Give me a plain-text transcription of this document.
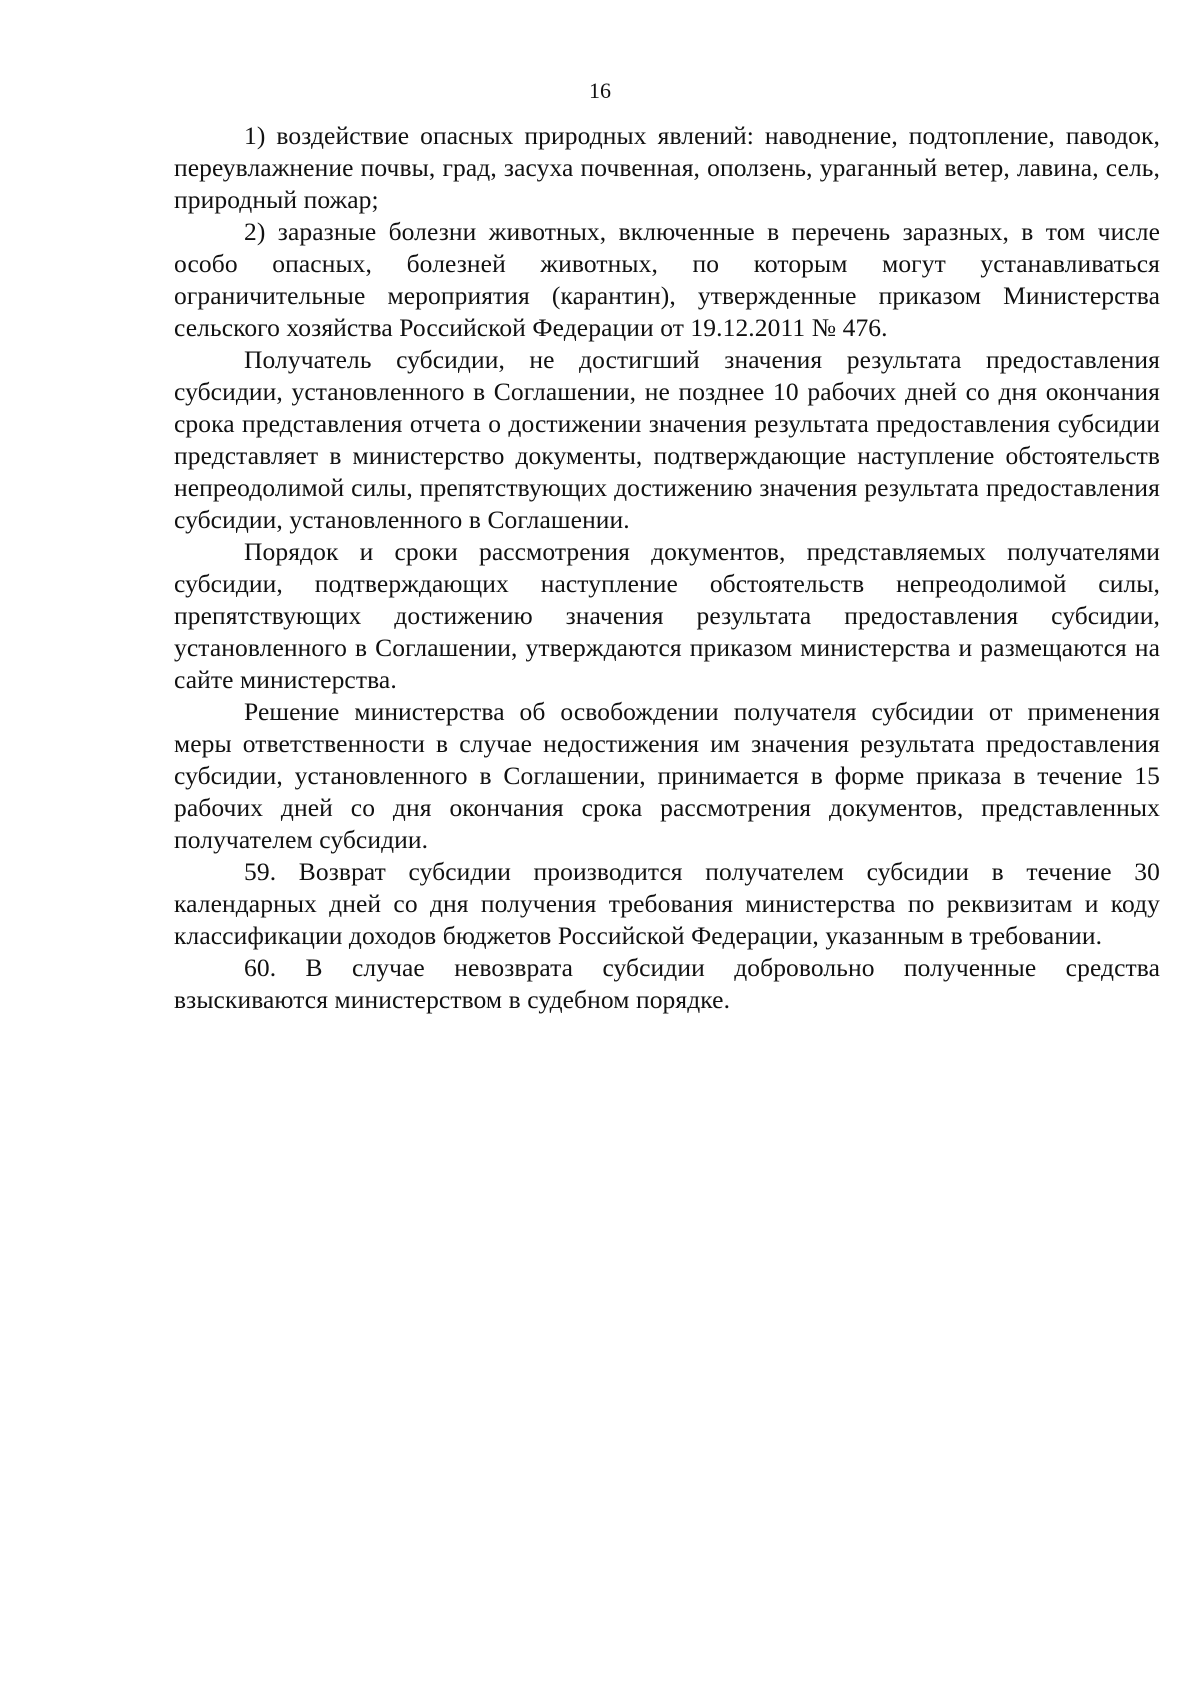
16

1) воздействие опасных природных явлений: наводнение, подтопление, паводок, переувлажнение почвы, град, засуха почвенная, оползень, ураганный ветер, лавина, сель, природный пожар;

2) заразные болезни животных, включенные в перечень заразных, в том числе особо опасных, болезней животных, по которым могут устанавливаться ограничительные мероприятия (карантин), утвержденные приказом Министерства сельского хозяйства Российской Федерации от 19.12.2011 № 476.

Получатель субсидии, не достигший значения результата предоставления субсидии, установленного в Соглашении, не позднее 10 рабочих дней со дня окончания срока представления отчета о достижении значения результата предоставления субсидии представляет в министерство документы, подтверждающие наступление обстоятельств непреодолимой силы, препятствующих достижению значения результата предоставления субсидии, установленного в Соглашении.

Порядок и сроки рассмотрения документов, представляемых получателями субсидии, подтверждающих наступление обстоятельств непреодолимой силы, препятствующих достижению значения результата предоставления субсидии, установленного в Соглашении, утверждаются приказом министерства и размещаются на сайте министерства.

Решение министерства об освобождении получателя субсидии от применения меры ответственности в случае недостижения им значения результата предоставления субсидии, установленного в Соглашении, принимается в форме приказа в течение 15 рабочих дней со дня окончания срока рассмотрения документов, представленных получателем субсидии.

59. Возврат субсидии производится получателем субсидии в течение 30 календарных дней со дня получения требования министерства по реквизитам и коду классификации доходов бюджетов Российской Федерации, указанным в требовании.

60. В случае невозврата субсидии добровольно полученные средства взыскиваются министерством в судебном порядке.
